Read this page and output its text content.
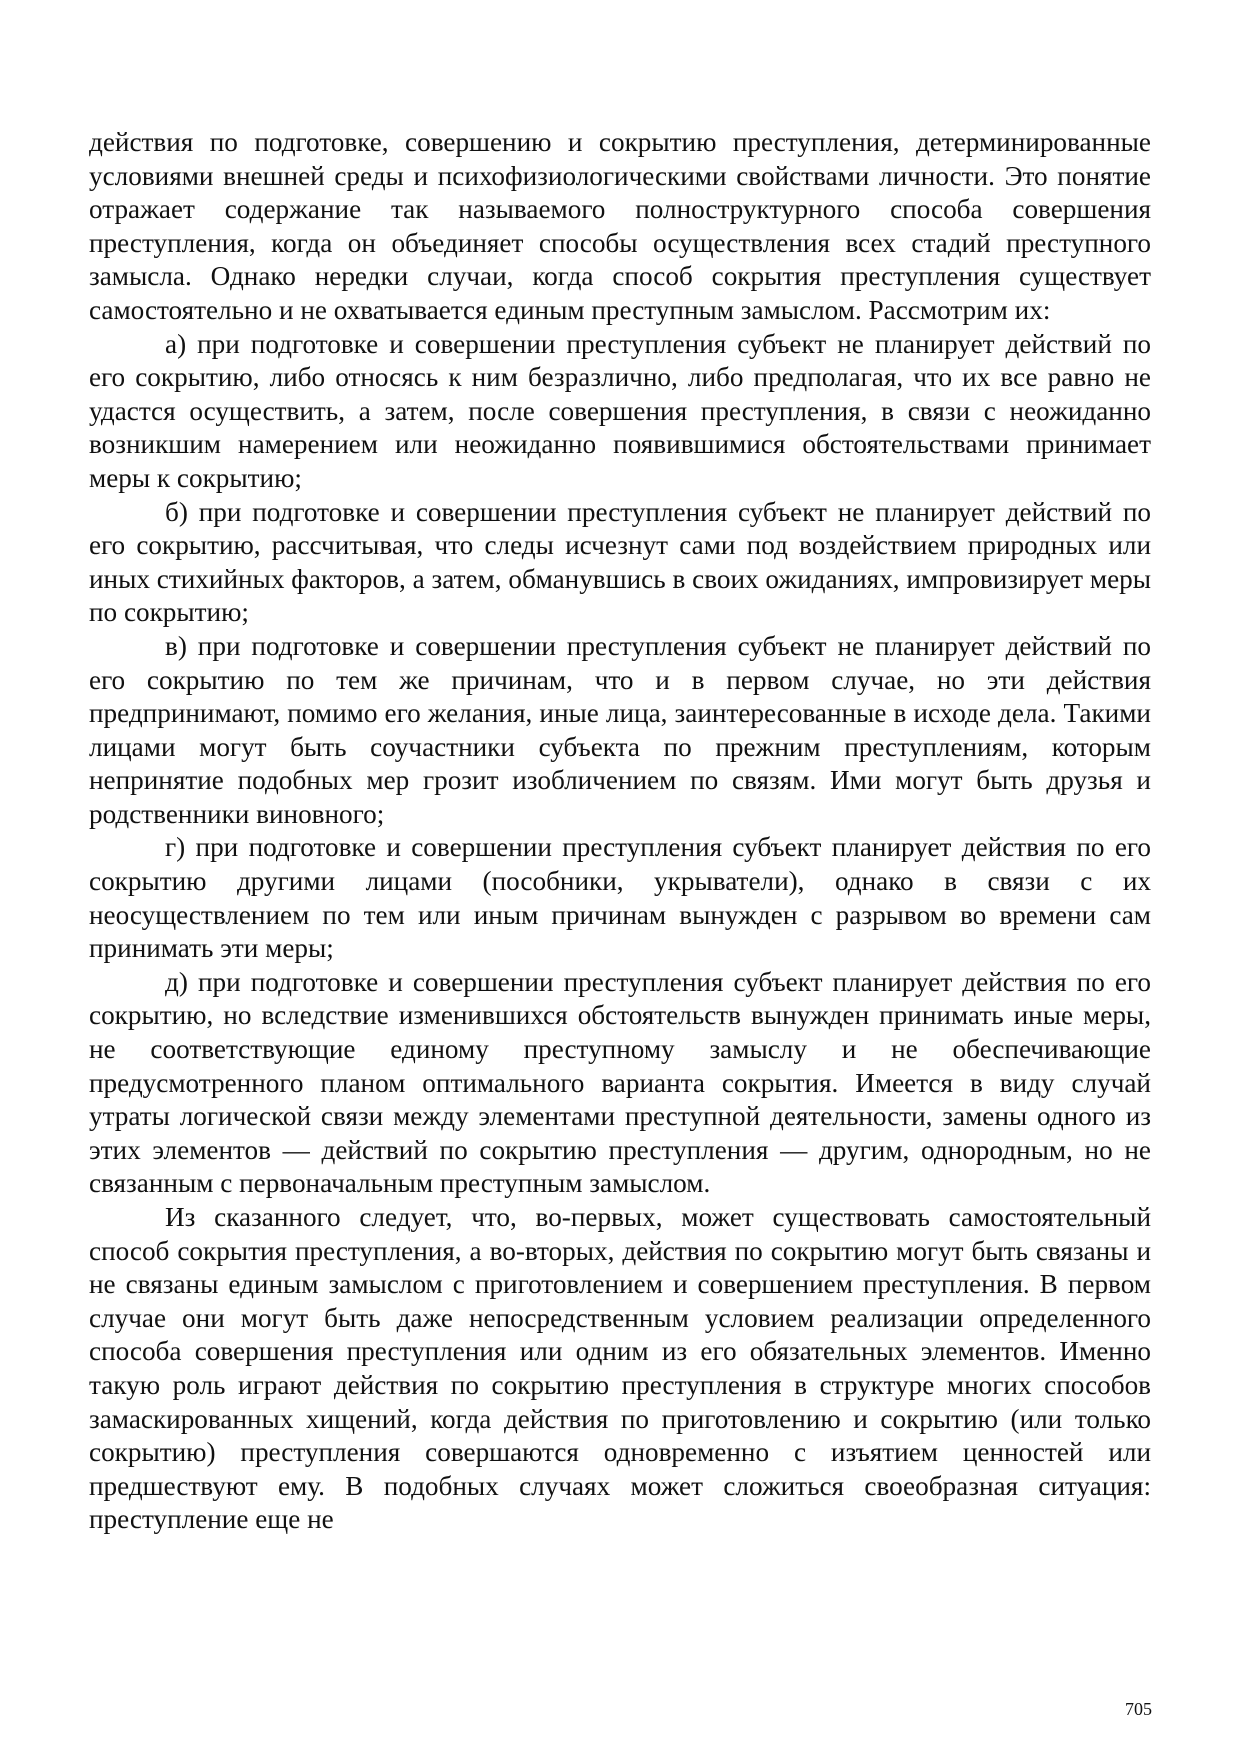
действия по подготовке, совершению и сокрытию преступления, детерминированные условиями внешней среды и психофизиологическими свойствами личности. Это понятие отражает содержание так называемого полноструктурного способа совершения преступления, когда он объединяет способы осуществления всех стадий преступного замысла. Однако нередки случаи, когда способ сокрытия преступления существует самостоятельно и не охватывается единым преступным замыслом. Рассмотрим их:

а) при подготовке и совершении преступления субъект не планирует действий по его сокрытию, либо относясь к ним безразлично, либо предполагая, что их все равно не удастся осуществить, а затем, после совершения преступления, в связи с неожиданно возникшим намерением или неожиданно появившимися обстоятельствами принимает меры к сокрытию;

б) при подготовке и совершении преступления субъект не планирует действий по его сокрытию, рассчитывая, что следы исчезнут сами под воздействием природных или иных стихийных факторов, а затем, обманувшись в своих ожиданиях, импровизирует меры по сокрытию;

в) при подготовке и совершении преступления субъект не планирует действий по его сокрытию по тем же причинам, что и в первом случае, но эти действия предпринимают, помимо его желания, иные лица, заинтересованные в исходе дела. Такими лицами могут быть соучастники субъекта по прежним преступлениям, которым непринятие подобных мер грозит изобличением по связям. Ими могут быть друзья и родственники виновного;

г) при подготовке и совершении преступления субъект планирует действия по его сокрытию другими лицами (пособники, укрыватели), однако в связи с их неосуществлением по тем или иным причинам вынужден с разрывом во времени сам принимать эти меры;

д) при подготовке и совершении преступления субъект планирует действия по его сокрытию, но вследствие изменившихся обстоятельств вынужден принимать иные меры, не соответствующие единому преступному замыслу и не обеспечивающие предусмотренного планом оптимального варианта сокрытия. Имеется в виду случай утраты логической связи между элементами преступной деятельности, замены одного из этих элементов — действий по сокрытию преступления — другим, однородным, но не связанным с первоначальным преступным замыслом.

Из сказанного следует, что, во-первых, может существовать самостоятельный способ сокрытия преступления, а во-вторых, действия по сокрытию могут быть связаны и не связаны единым замыслом с приготовлением и совершением преступления. В первом случае они могут быть даже непосредственным условием реализации определенного способа совершения преступления или одним из его обязательных элементов. Именно такую роль играют действия по сокрытию преступления в структуре многих способов замаскированных хищений, когда действия по приготовлению и сокрытию (или только сокрытию) преступления совершаются одновременно с изъятием ценностей или предшествуют ему. В подобных случаях может сложиться своеобразная ситуация: преступление еще не

705
